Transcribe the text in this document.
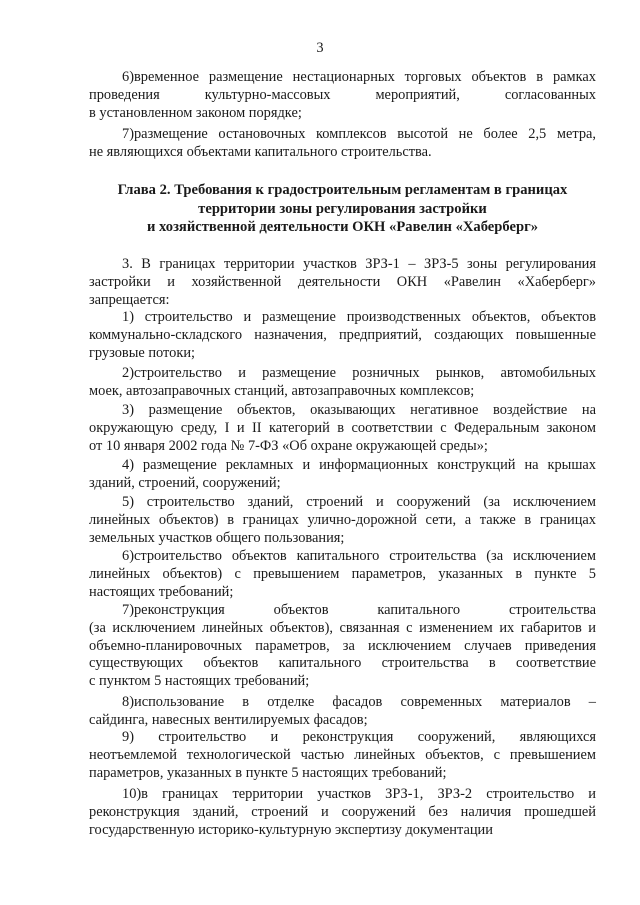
3
6)временное размещение нестационарных торговых объектов в рамках
проведения культурно-массовых мероприятий, согласованных
в установленном законом порядке;
7)размещение остановочных комплексов высотой не более 2,5 метра,
не являющихся объектами капитального строительства.
Глава 2. Требования к градостроительным регламентам в границах
территории зоны регулирования застройки
и хозяйственной деятельности ОКН «Равелин «Хаберберг»
3. В границах территории участков ЗРЗ-1 – ЗРЗ-5 зоны регулирования
застройки и хозяйственной деятельности ОКН «Равелин «Хаберберг»
запрещается:
1) строительство и размещение производственных объектов, объектов
коммунально-складского назначения, предприятий, создающих повышенные
грузовые потоки;
2)строительство и размещение розничных рынков, автомобильных
моек, автозаправочных станций, автозаправочных комплексов;
3) размещение объектов, оказывающих негативное воздействие на
окружающую среду, I и II категорий в соответствии с Федеральным законом
от 10 января 2002 года № 7-ФЗ «Об охране окружающей среды»;
4) размещение рекламных и информационных конструкций на крышах
зданий, строений, сооружений;
5) строительство зданий, строений и сооружений (за исключением
линейных объектов) в границах улично-дорожной сети, а также в границах
земельных участков общего пользования;
6)строительство объектов капитального строительства (за исключением
линейных объектов) с превышением параметров, указанных в пункте 5
настоящих требований;
7)реконструкция объектов капитального строительства
(за исключением линейных объектов), связанная с изменением их габаритов и
объемно-планировочных параметров, за исключением случаев приведения
существующих объектов капитального строительства в соответствие
с пунктом 5 настоящих требований;
8)использование в отделке фасадов современных материалов –
сайдинга, навесных вентилируемых фасадов;
9) строительство и реконструкция сооружений, являющихся
неотъемлемой технологической частью линейных объектов, с превышением
параметров, указанных в пункте 5 настоящих требований;
10)в границах территории участков ЗРЗ-1, ЗРЗ-2 строительство и
реконструкция зданий, строений и сооружений без наличия прошедшей
государственную историко-культурную экспертизу документации
